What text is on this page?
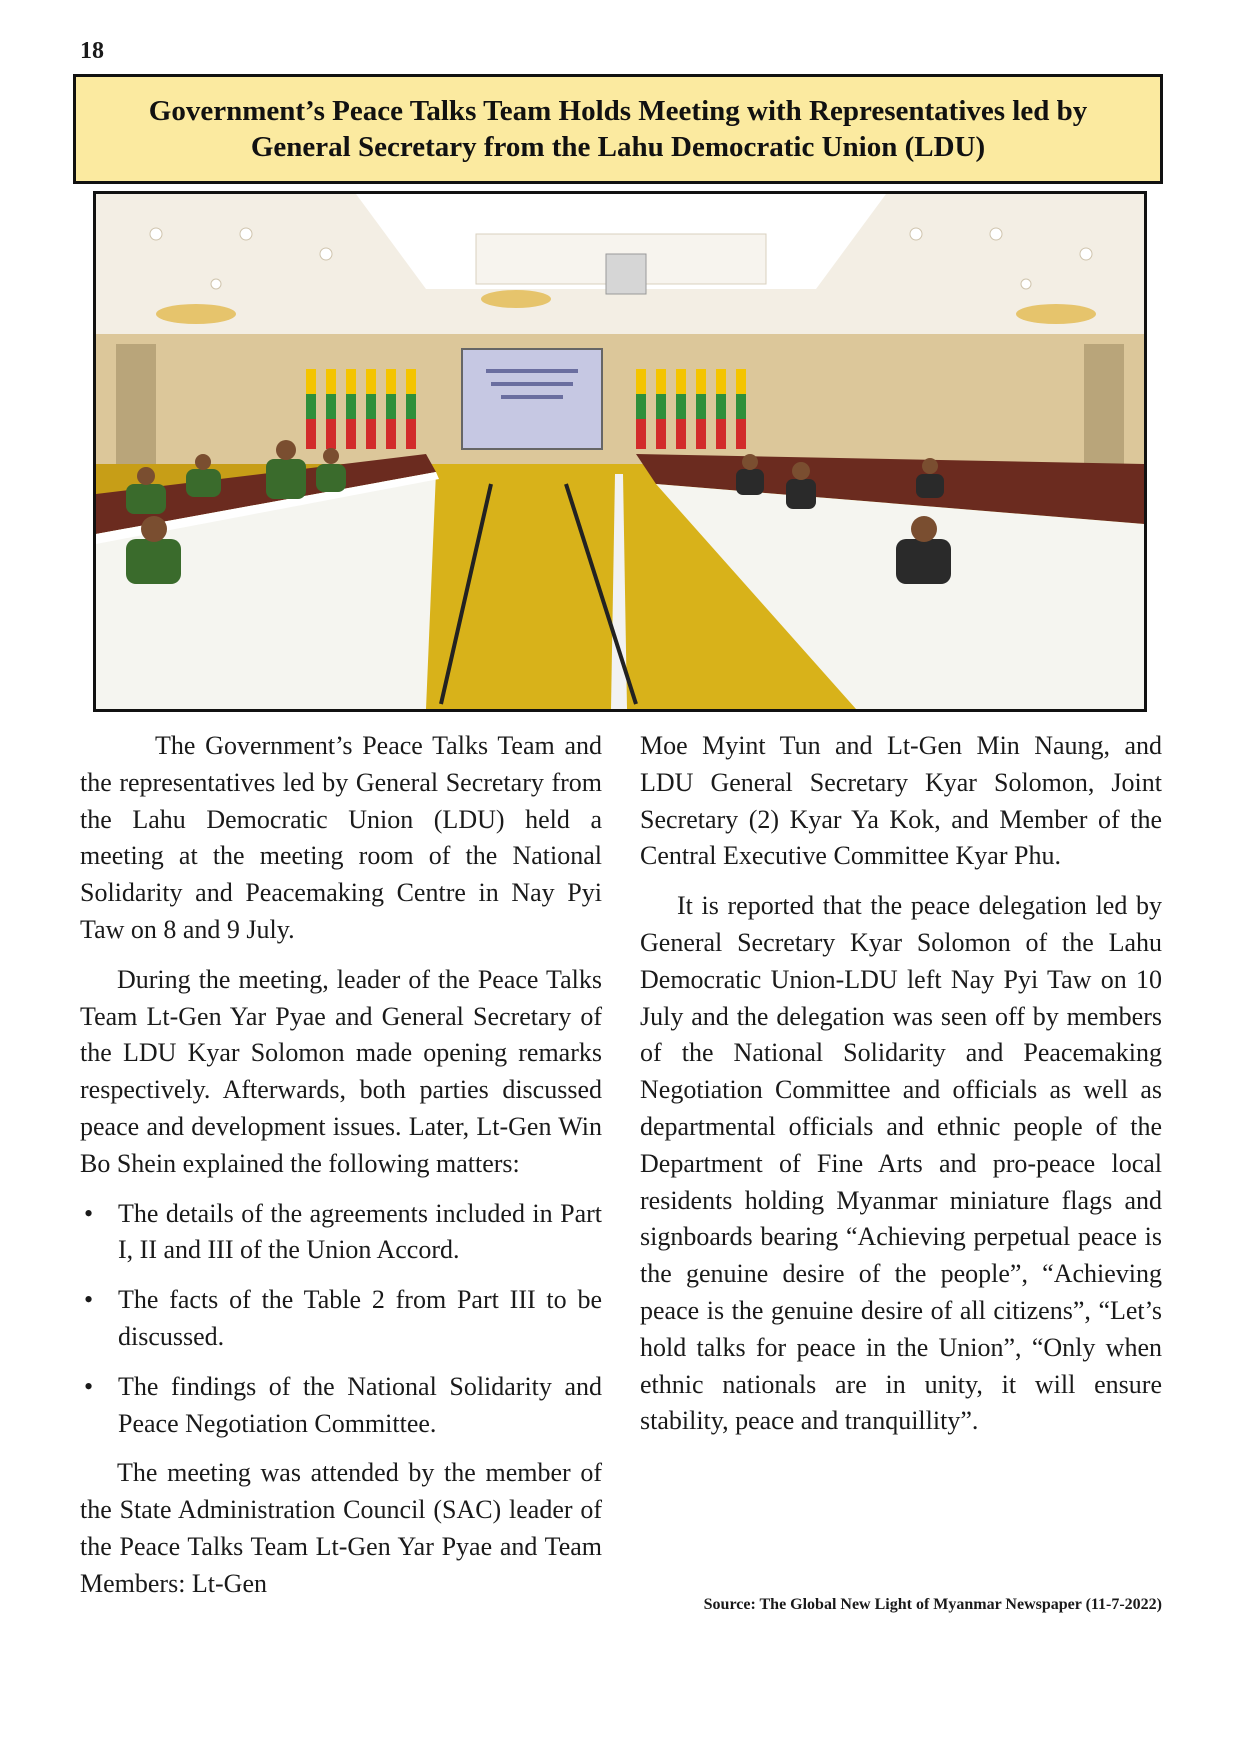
18
Government’s Peace Talks Team Holds Meeting with Representatives led by
General Secretary from the Lahu Democratic Union (LDU)

The Government’s Peace Talks Team and the representatives led by General Secretary from the Lahu Democratic Union (LDU) held a meeting at the meeting room of the National Solidarity and Peacemaking Centre in Nay Pyi Taw on 8 and 9 July.

During the meeting, leader of the Peace Talks Team Lt-Gen Yar Pyae and General Secretary of the LDU Kyar Solomon made opening remarks respectively. Afterwards, both parties discussed peace and development issues. Later, Lt-Gen Win Bo Shein explained the following matters:

• The details of the agreements included in Part I, II and III of the Union Accord.
• The facts of the Table 2 from Part III to be discussed.
• The findings of the National Solidarity and Peace Negotiation Committee.

The meeting was attended by the member of the State Administration Council (SAC) leader of the Peace Talks Team Lt-Gen Yar Pyae and Team Members: Lt-Gen

Moe Myint Tun and Lt-Gen Min Naung, and LDU General Secretary Kyar Solomon, Joint Secretary (2) Kyar Ya Kok, and Member of the Central Executive Committee Kyar Phu.

It is reported that the peace delegation led by General Secretary Kyar Solomon of the Lahu Democratic Union-LDU left Nay Pyi Taw on 10 July and the delegation was seen off by members of the National Solidarity and Peacemaking Negotiation Committee and officials as well as departmental officials and ethnic people of the Department of Fine Arts and pro-peace local residents holding Myanmar miniature flags and signboards bearing “Achieving perpetual peace is the genuine desire of the people”, “Achieving peace is the genuine desire of all citizens”, “Let’s hold talks for peace in the Union”, “Only when ethnic nationals are in unity, it will ensure stability, peace and tranquillity”.

Source: The Global New Light of Myanmar Newspaper (11-7-2022)
